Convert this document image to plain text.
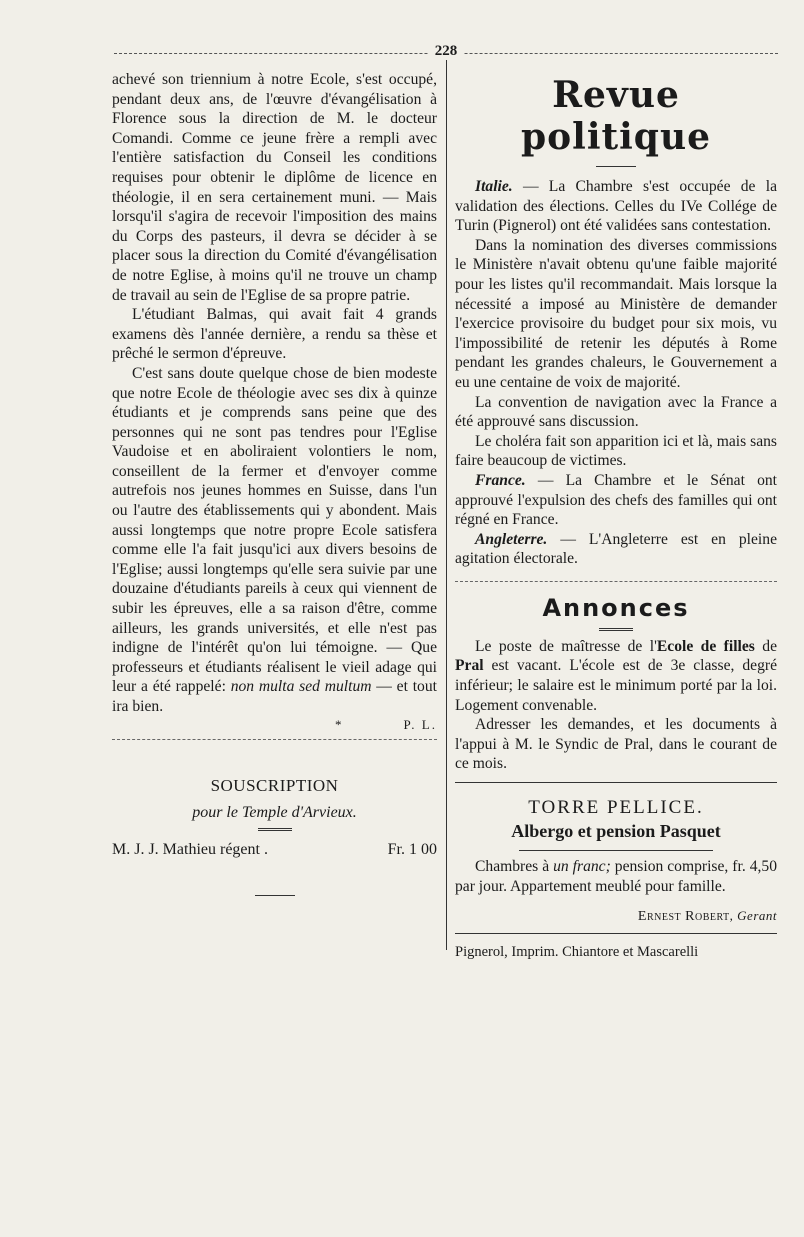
228

achevé son triennium à notre Ecole, s'est occupé, pendant deux ans, de l'œuvre d'évangélisation à Florence sous la direction de M. le docteur Comandi. Comme ce jeune frère a rempli avec l'entière satisfaction du Conseil les conditions requises pour obtenir le diplôme de licence en théologie, il en sera certainement muni. — Mais lorsqu'il s'agira de recevoir l'imposition des mains du Corps des pasteurs, il devra se décider à se placer sous la direction du Comité d'évangélisation de notre Eglise, à moins qu'il ne trouve un champ de travail au sein de l'Eglise de sa propre patrie.

L'étudiant Balmas, qui avait fait 4 grands examens dès l'année dernière, a rendu sa thèse et prêché le sermon d'épreuve.

C'est sans doute quelque chose de bien modeste que notre Ecole de théologie avec ses dix à quinze étudiants et je comprends sans peine que des personnes qui ne sont pas tendres pour l'Eglise Vaudoise et en aboliraient volontiers le nom, conseillent de la fermer et d'envoyer comme autrefois nos jeunes hommes en Suisse, dans l'un ou l'autre des établissements qui y abondent. Mais aussi longtemps que notre propre Ecole satisfera comme elle l'a fait jusqu'ici aux divers besoins de l'Eglise; aussi longtemps qu'elle sera suivie par une douzaine d'étudiants pareils à ceux qui viennent de subir les épreuves, elle a sa raison d'être, comme ailleurs, les grands universités, et elle n'est pas indigne de l'intérêt qu'on lui témoigne. — Que professeurs et étudiants réalisent le vieil adage qui leur a été rappelé: non multa sed multum — et tout ira bien.

*	P. L.
SOUSCRIPTION
pour le Temple d'Arvieux.
M. J. J. Mathieu régent .	Fr. 1 00
Revue politique

Italie. — La Chambre s'est occupée de la validation des élections. Celles du IVe Collége de Turin (Pignerol) ont été validées sans contestation.

Dans la nomination des diverses commissions le Ministère n'avait obtenu qu'une faible majorité pour les listes qu'il recommandait. Mais lorsque la nécessité a imposé au Ministère de demander l'exercice provisoire du budget pour six mois, vu l'impossibilité de retenir les députés à Rome pendant les grandes chaleurs, le Gouvernement a eu une centaine de voix de majorité.

La convention de navigation avec la France a été approuvé sans discussion.

Le choléra fait son apparition ici et là, mais sans faire beaucoup de victimes.

France. — La Chambre et le Sénat ont approuvé l'expulsion des chefs des familles qui ont régné en France.

Angleterre. — L'Angleterre est en pleine agitation électorale.

Annonces

Le poste de maîtresse de l'Ecole de filles de Pral est vacant. L'école est de 3e classe, degré inférieur; le salaire est le minimum porté par la loi. Logement convenable.

Adresser les demandes, et les documents à l'appui à M. le Syndic de Pral, dans le courant de ce mois.

TORRE PELLICE.
Albergo et pension Pasquet

Chambres à un franc; pension comprise, fr. 4,50 par jour. Appartement meublé pour famille.

Ernest Robert, Gerant
Pignerol, Imprim. Chiantore et Mascarelli
